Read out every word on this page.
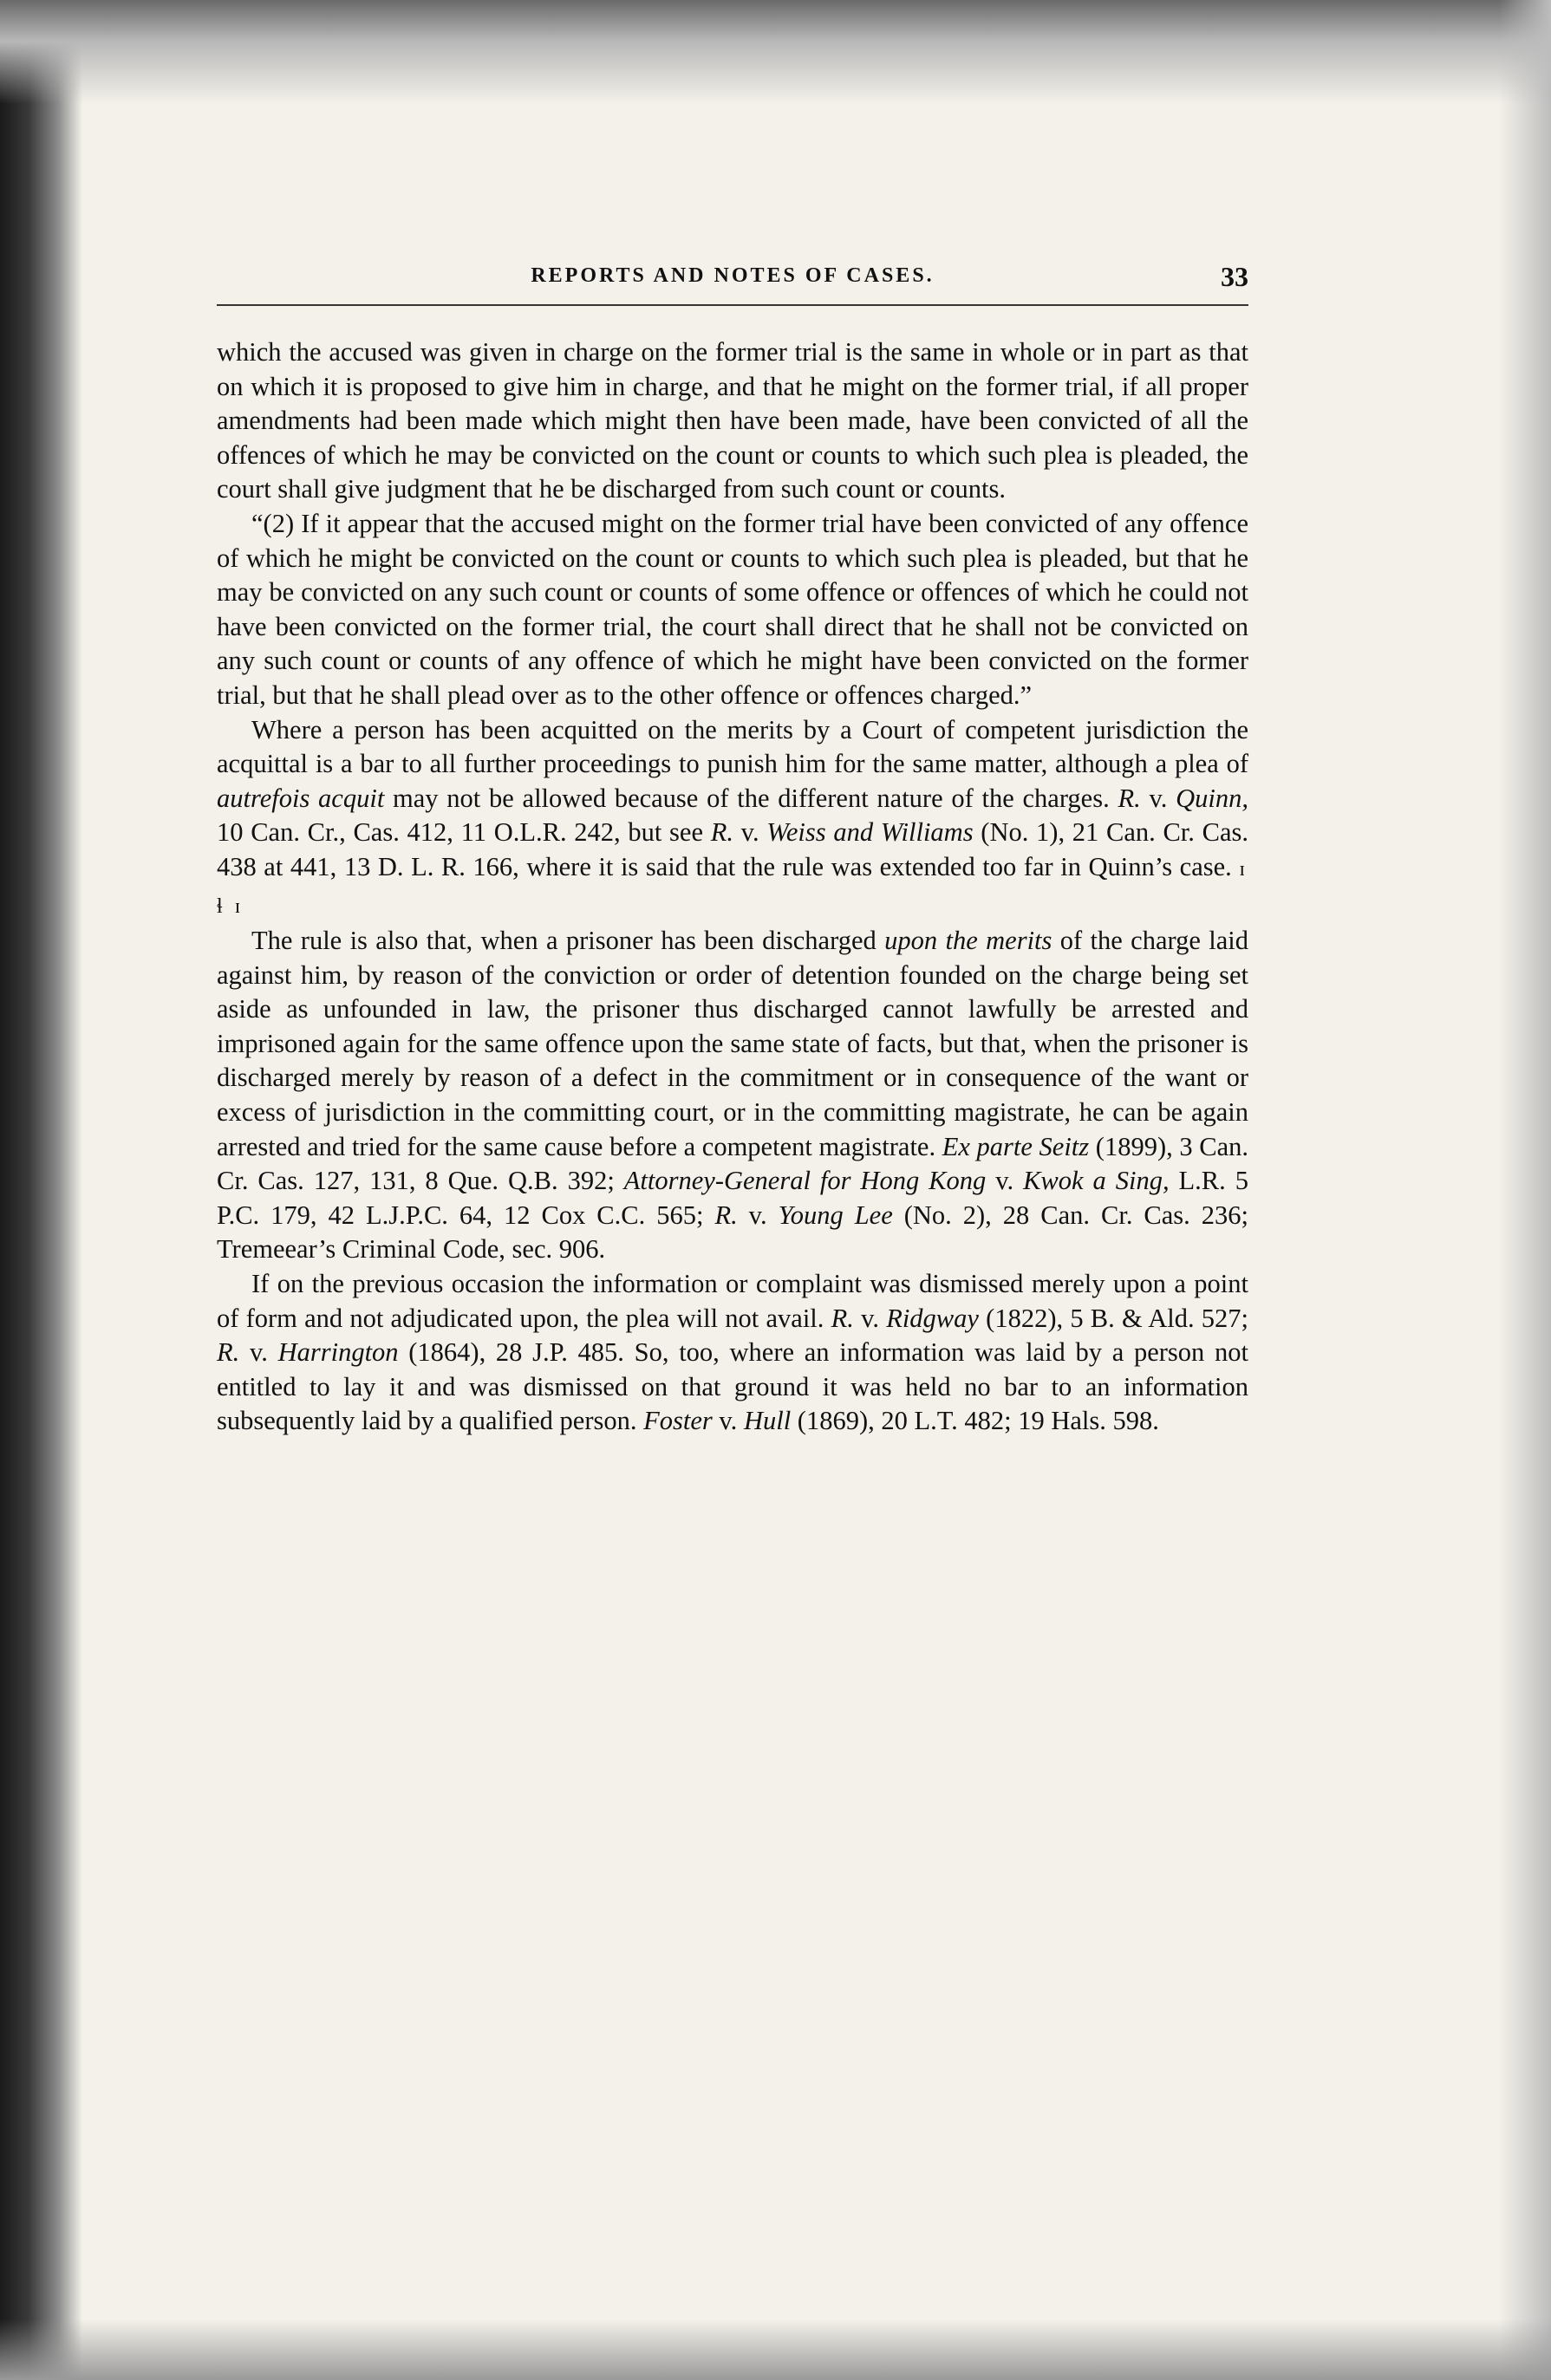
REPORTS AND NOTES OF CASES.	33

which the accused was given in charge on the former trial is the same in whole or in part as that on which it is proposed to give him in charge, and that he might on the former trial, if all proper amendments had been made which might then have been made, have been convicted of all the offences of which he may be convicted on the count or counts to which such plea is pleaded, the court shall give judgment that he be discharged from such count or counts.

“(2) If it appear that the accused might on the former trial have been convicted of any offence of which he might be convicted on the count or counts to which such plea is pleaded, but that he may be convicted on any such count or counts of some offence or offences of which he could not have been convicted on the former trial, the court shall direct that he shall not be convicted on any such count or counts of any offence of which he might have been convicted on the former trial, but that he shall plead over as to the other offence or offences charged.”

Where a person has been acquitted on the merits by a Court of competent jurisdiction the acquittal is a bar to all further proceedings to punish him for the same matter, although a plea of autrefois acquit may not be allowed because of the different nature of the charges. R. v. Quinn, 10 Can. Cr., Cas. 412, 11 O.L.R. 242, but see R. v. Weiss and Williams (No. 1), 21 Can. Cr. Cas. 438 at 441, 13 D. L. R. 166, where it is said that the rule was extended too far in Quinn’s case. ɪ ɬ ɪ

The rule is also that, when a prisoner has been discharged upon the merits of the charge laid against him, by reason of the conviction or order of detention founded on the charge being set aside as unfounded in law, the prisoner thus discharged cannot lawfully be arrested and imprisoned again for the same offence upon the same state of facts, but that, when the prisoner is discharged merely by reason of a defect in the commitment or in consequence of the want or excess of jurisdiction in the committing court, or in the committing magistrate, he can be again arrested and tried for the same cause before a competent magistrate. Ex parte Seitz (1899), 3 Can. Cr. Cas. 127, 131, 8 Que. Q.B. 392; Attorney-General for Hong Kong v. Kwok a Sing, L.R. 5 P.C. 179, 42 L.J.P.C. 64, 12 Cox C.C. 565; R. v. Young Lee (No. 2), 28 Can. Cr. Cas. 236; Tremeear’s Criminal Code, sec. 906.

If on the previous occasion the information or complaint was dismissed merely upon a point of form and not adjudicated upon, the plea will not avail. R. v. Ridgway (1822), 5 B. & Ald. 527; R. v. Harrington (1864), 28 J.P. 485. So, too, where an information was laid by a person not entitled to lay it and was dismissed on that ground it was held no bar to an information subsequently laid by a qualified person. Foster v. Hull (1869), 20 L.T. 482; 19 Hals. 598.
